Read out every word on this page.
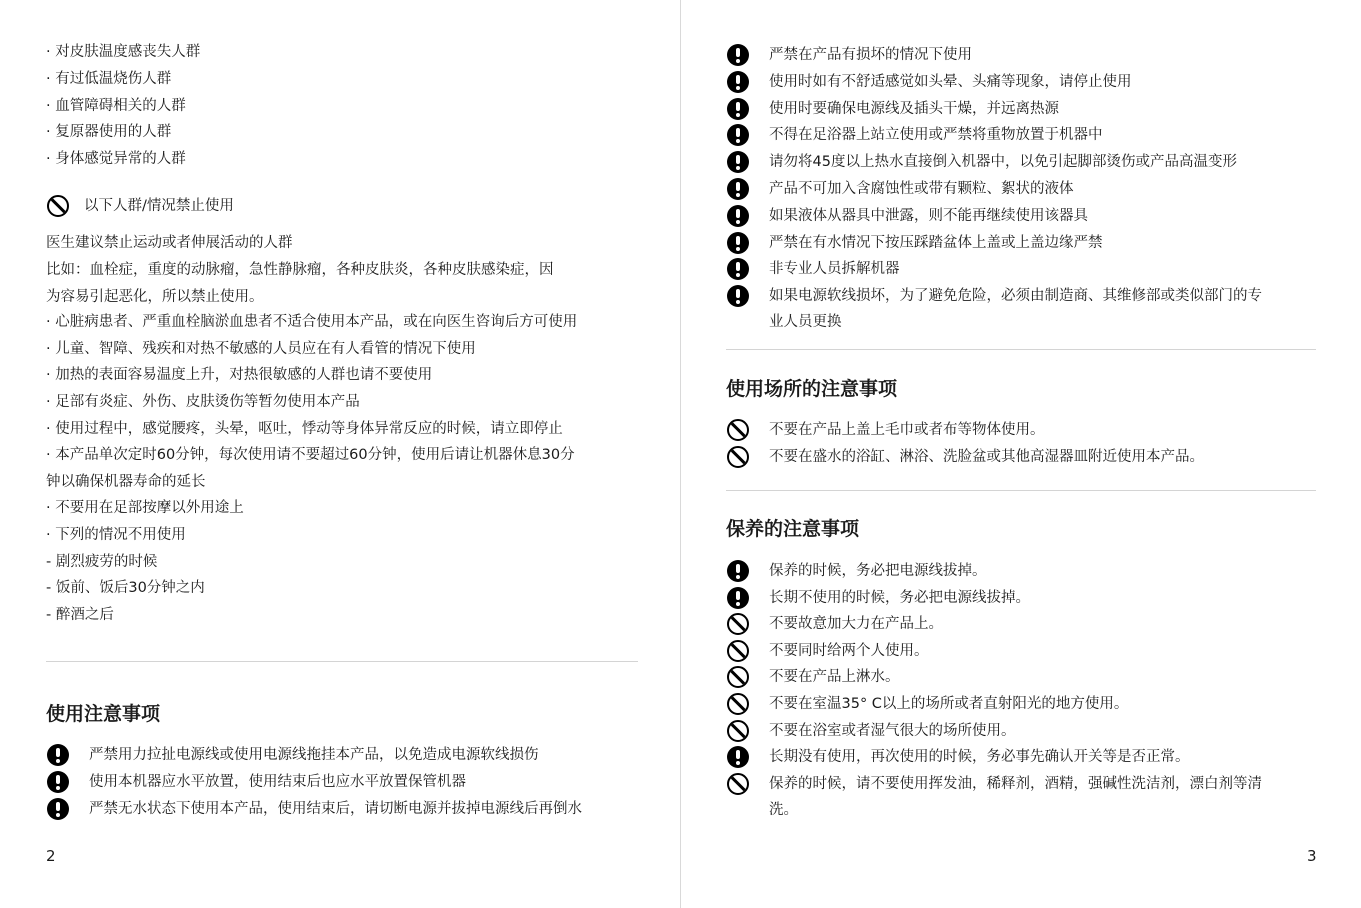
· 对皮肤温度感丧失人群
· 有过低温烧伤人群
· 血管障碍相关的人群
· 复原器使用的人群
· 身体感觉异常的人群
以下人群/情况禁止使用
医生建议禁止运动或者伸展活动的人群
比如：血栓症，重度的动脉瘤，急性静脉瘤，各种皮肤炎，各种皮肤感染症，因
为容易引起恶化，所以禁止使用。
· 心脏病患者、严重血栓脑淤血患者不适合使用本产品，或在向医生咨询后方可使用
· 儿童、智障、残疾和对热不敏感的人员应在有人看管的情况下使用
· 加热的表面容易温度上升，对热很敏感的人群也请不要使用
· 足部有炎症、外伤、皮肤烫伤等暂勿使用本产品
· 使用过程中，感觉腰疼，头晕，呕吐，悸动等身体异常反应的时候，请立即停止
· 本产品单次定时60分钟，每次使用请不要超过60分钟，使用后请让机器休息30分
钟以确保机器寿命的延长
· 不要用在足部按摩以外用途上
· 下列的情况不用使用
- 剧烈疲劳的时候
- 饭前、饭后30分钟之内
- 醉酒之后
使用注意事项
严禁用力拉扯电源线或使用电源线拖挂本产品，以免造成电源软线损伤
使用本机器应水平放置，使用结束后也应水平放置保管机器
严禁无水状态下使用本产品，使用结束后，请切断电源并拔掉电源线后再倒水
2
严禁在产品有损坏的情况下使用
使用时如有不舒适感觉如头晕、头痛等现象，请停止使用
使用时要确保电源线及插头干燥，并远离热源
不得在足浴器上站立使用或严禁将重物放置于机器中
请勿将45度以上热水直接倒入机器中，以免引起脚部烫伤或产品高温变形
产品不可加入含腐蚀性或带有颗粒、絮状的液体
如果液体从器具中泄露，则不能再继续使用该器具
严禁在有水情况下按压踩踏盆体上盖或上盖边缘严禁
非专业人员拆解机器
如果电源软线损坏，为了避免危险，必须由制造商、其维修部或类似部门的专
业人员更换
使用场所的注意事项
不要在产品上盖上毛巾或者布等物体使用。
不要在盛水的浴缸、淋浴、洗脸盆或其他高湿器皿附近使用本产品。
保养的注意事项
保养的时候，务必把电源线拔掉。
长期不使用的时候，务必把电源线拔掉。
不要故意加大力在产品上。
不要同时给两个人使用。
不要在产品上淋水。
不要在室温35° C以上的场所或者直射阳光的地方使用。
不要在浴室或者湿气很大的场所使用。
长期没有使用，再次使用的时候，务必事先确认开关等是否正常。
保养的时候，请不要使用挥发油，稀释剂，酒精，强碱性洗洁剂，漂白剂等清
洗。
3
